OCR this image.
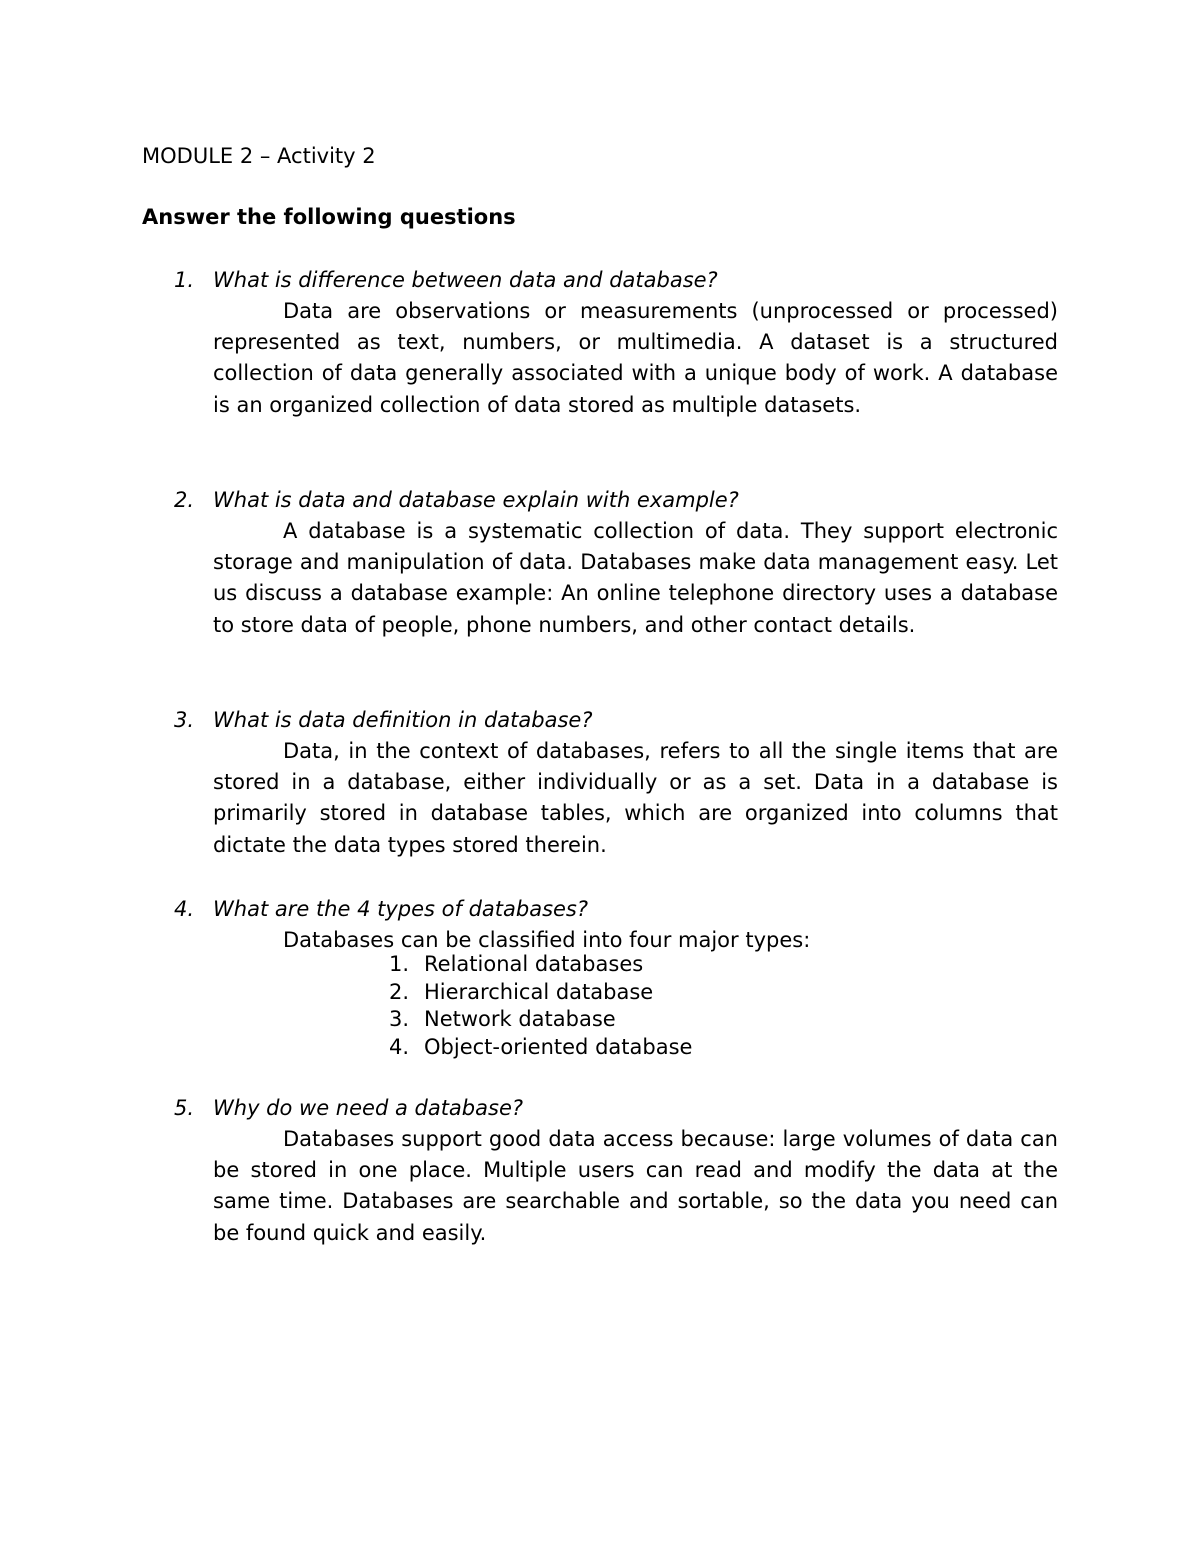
MODULE 2 – Activity 2
Answer the following questions
1. What is difference between data and database?

Data are observations or measurements (unprocessed or processed) represented as text, numbers, or multimedia. A dataset is a structured collection of data generally associated with a unique body of work. A database is an organized collection of data stored as multiple datasets.

2. What is data and database explain with example?

A database is a systematic collection of data. They support electronic storage and manipulation of data. Databases make data management easy. Let us discuss a database example: An online telephone directory uses a database to store data of people, phone numbers, and other contact details.

3. What is data definition in database?

Data, in the context of databases, refers to all the single items that are stored in a database, either individually or as a set. Data in a database is primarily stored in database tables, which are organized into columns that dictate the data types stored therein.

4. What are the 4 types of databases?
Databases can be classified into four major types:
1. Relational databases
2. Hierarchical database
3. Network database
4. Object-oriented database
5. Why do we need a database?

Databases support good data access because: large volumes of data can be stored in one place. Multiple users can read and modify the data at the same time. Databases are searchable and sortable, so the data you need can be found quick and easily.
